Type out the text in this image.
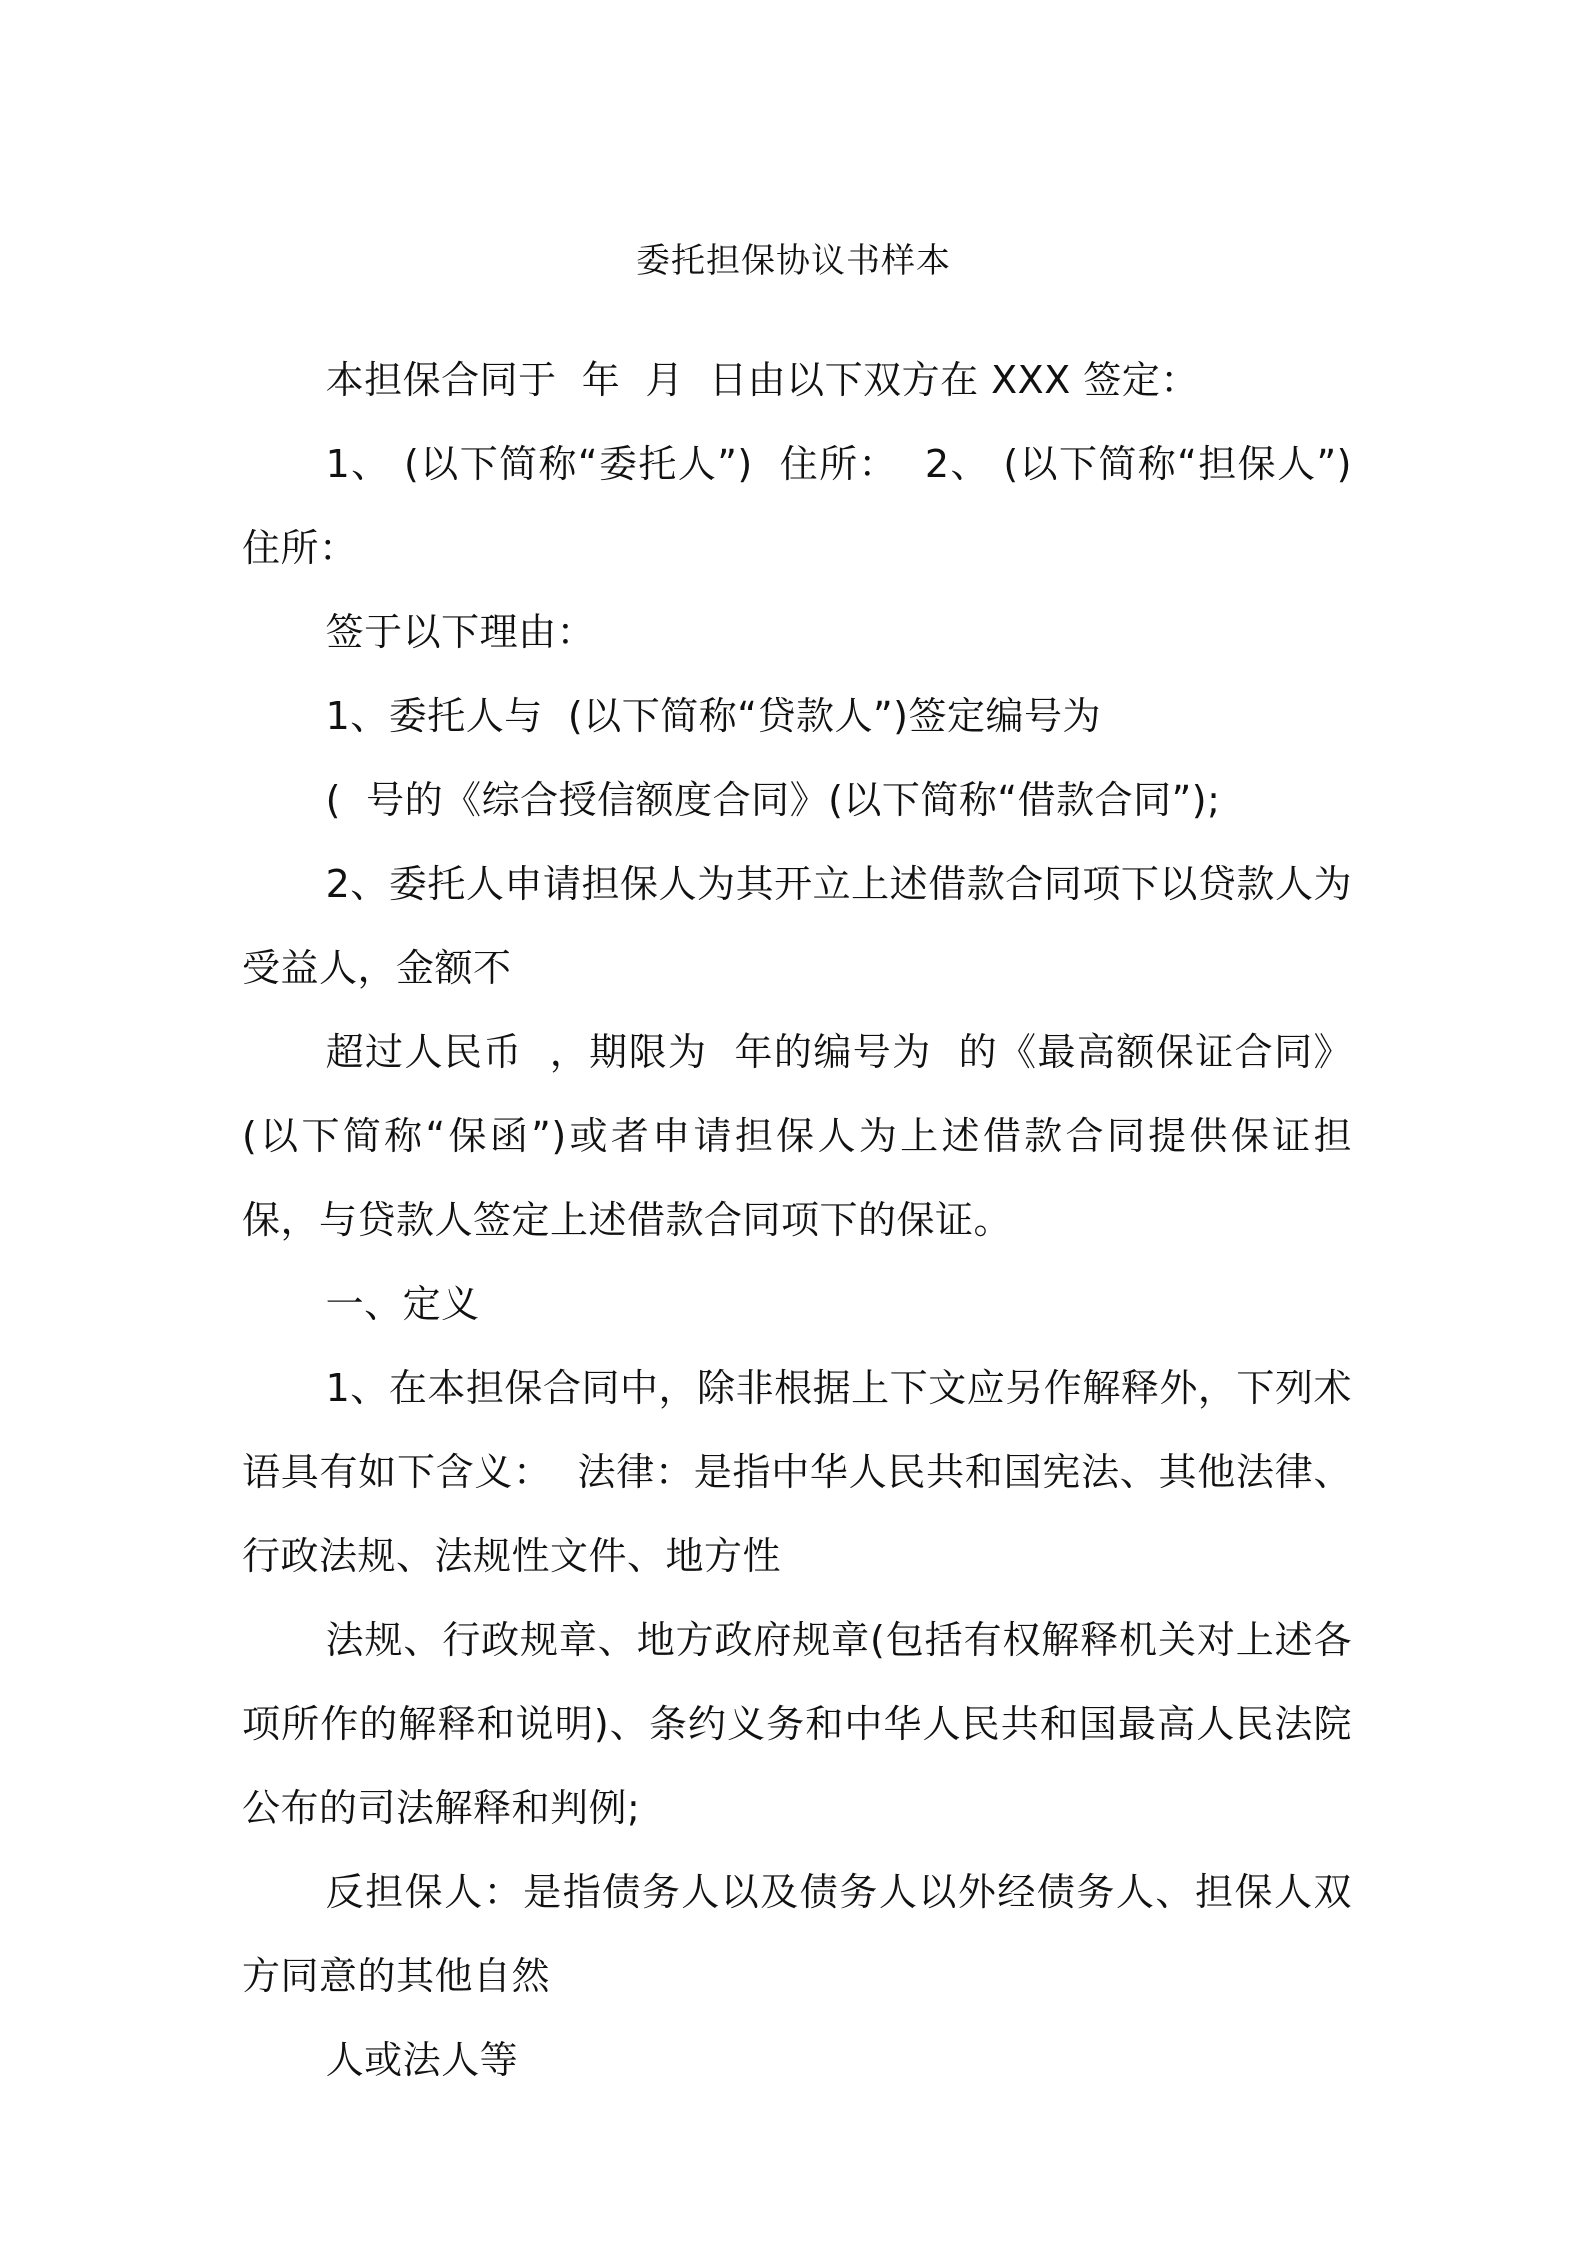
委托担保协议书样本

本担保合同于  年  月  日由以下双方在 XXX 签定：

1、 (以下简称“委托人”)  住所：  2、 (以下简称“担保人”)  住所：

签于以下理由：

1、委托人与  (以下简称“贷款人”)签定编号为

(  号的《综合授信额度合同》(以下简称“借款合同”);

2、委托人申请担保人为其开立上述借款合同项下以贷款人为受益人，金额不

超过人民币  ，期限为  年的编号为  的《最高额保证合同》(以下简称“保函”)或者申请担保人为上述借款合同提供保证担保，与贷款人签定上述借款合同项下的保证。

一、定义

1、在本担保合同中，除非根据上下文应另作解释外，下列术语具有如下含义：  法律：是指中华人民共和国宪法、其他法律、行政法规、法规性文件、地方性

法规、行政规章、地方政府规章(包括有权解释机关对上述各项所作的解释和说明)、条约义务和中华人民共和国最高人民法院公布的司法解释和判例;

反担保人：是指债务人以及债务人以外经债务人、担保人双方同意的其他自然

人或法人等
